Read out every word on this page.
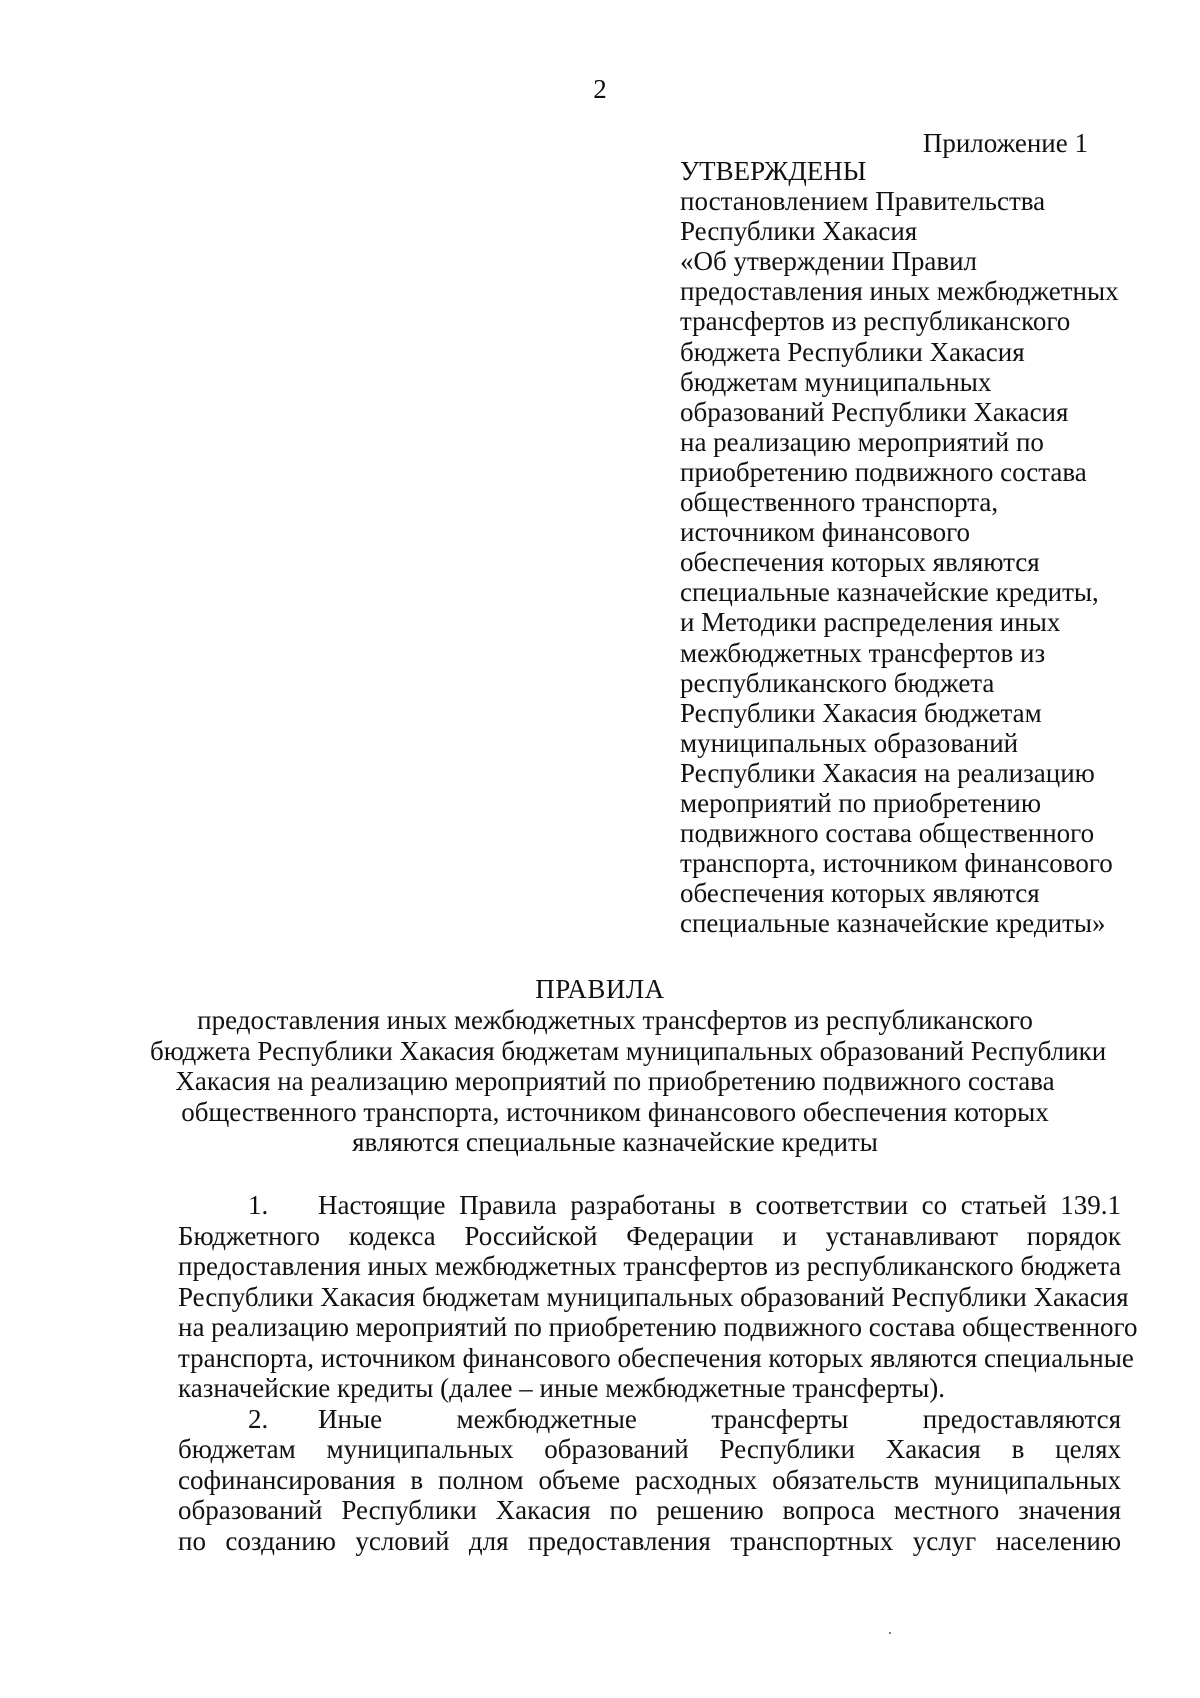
2
Приложение 1
УТВЕРЖДЕНЫ
постановлением Правительства
Республики Хакасия
«Об утверждении Правил
предоставления иных межбюджетных
трансфертов из республиканского
бюджета Республики Хакасия
бюджетам муниципальных
образований Республики Хакасия
на реализацию мероприятий по
приобретению подвижного состава
общественного транспорта,
источником финансового
обеспечения которых являются
специальные казначейские кредиты,
и Методики распределения иных
межбюджетных трансфертов из
республиканского бюджета
Республики Хакасия бюджетам
муниципальных образований
Республики Хакасия на реализацию
мероприятий по приобретению
подвижного состава общественного
транспорта, источником финансового
обеспечения которых являются
специальные казначейские кредиты»
ПРАВИЛА
предоставления иных межбюджетных трансфертов из республиканского
бюджета Республики Хакасия бюджетам муниципальных образований Республики
Хакасия на реализацию мероприятий по приобретению подвижного состава
общественного транспорта, источником финансового обеспечения которых
являются специальные казначейские кредиты
1. Настоящие Правила разработаны в соответствии со статьей 139.1
Бюджетного кодекса Российской Федерации и устанавливают порядок
предоставления иных межбюджетных трансфертов из республиканского бюджета
Республики Хакасия бюджетам муниципальных образований Республики Хакасия
на реализацию мероприятий по приобретению подвижного состава общественного
транспорта, источником финансового обеспечения которых являются специальные
казначейские кредиты (далее – иные межбюджетные трансферты).
2. Иные межбюджетные трансферты предоставляются
бюджетам муниципальных образований Республики Хакасия в целях
софинансирования в полном объеме расходных обязательств муниципальных
образований Республики Хакасия по решению вопроса местного значения
по созданию условий для предоставления транспортных услуг населению
